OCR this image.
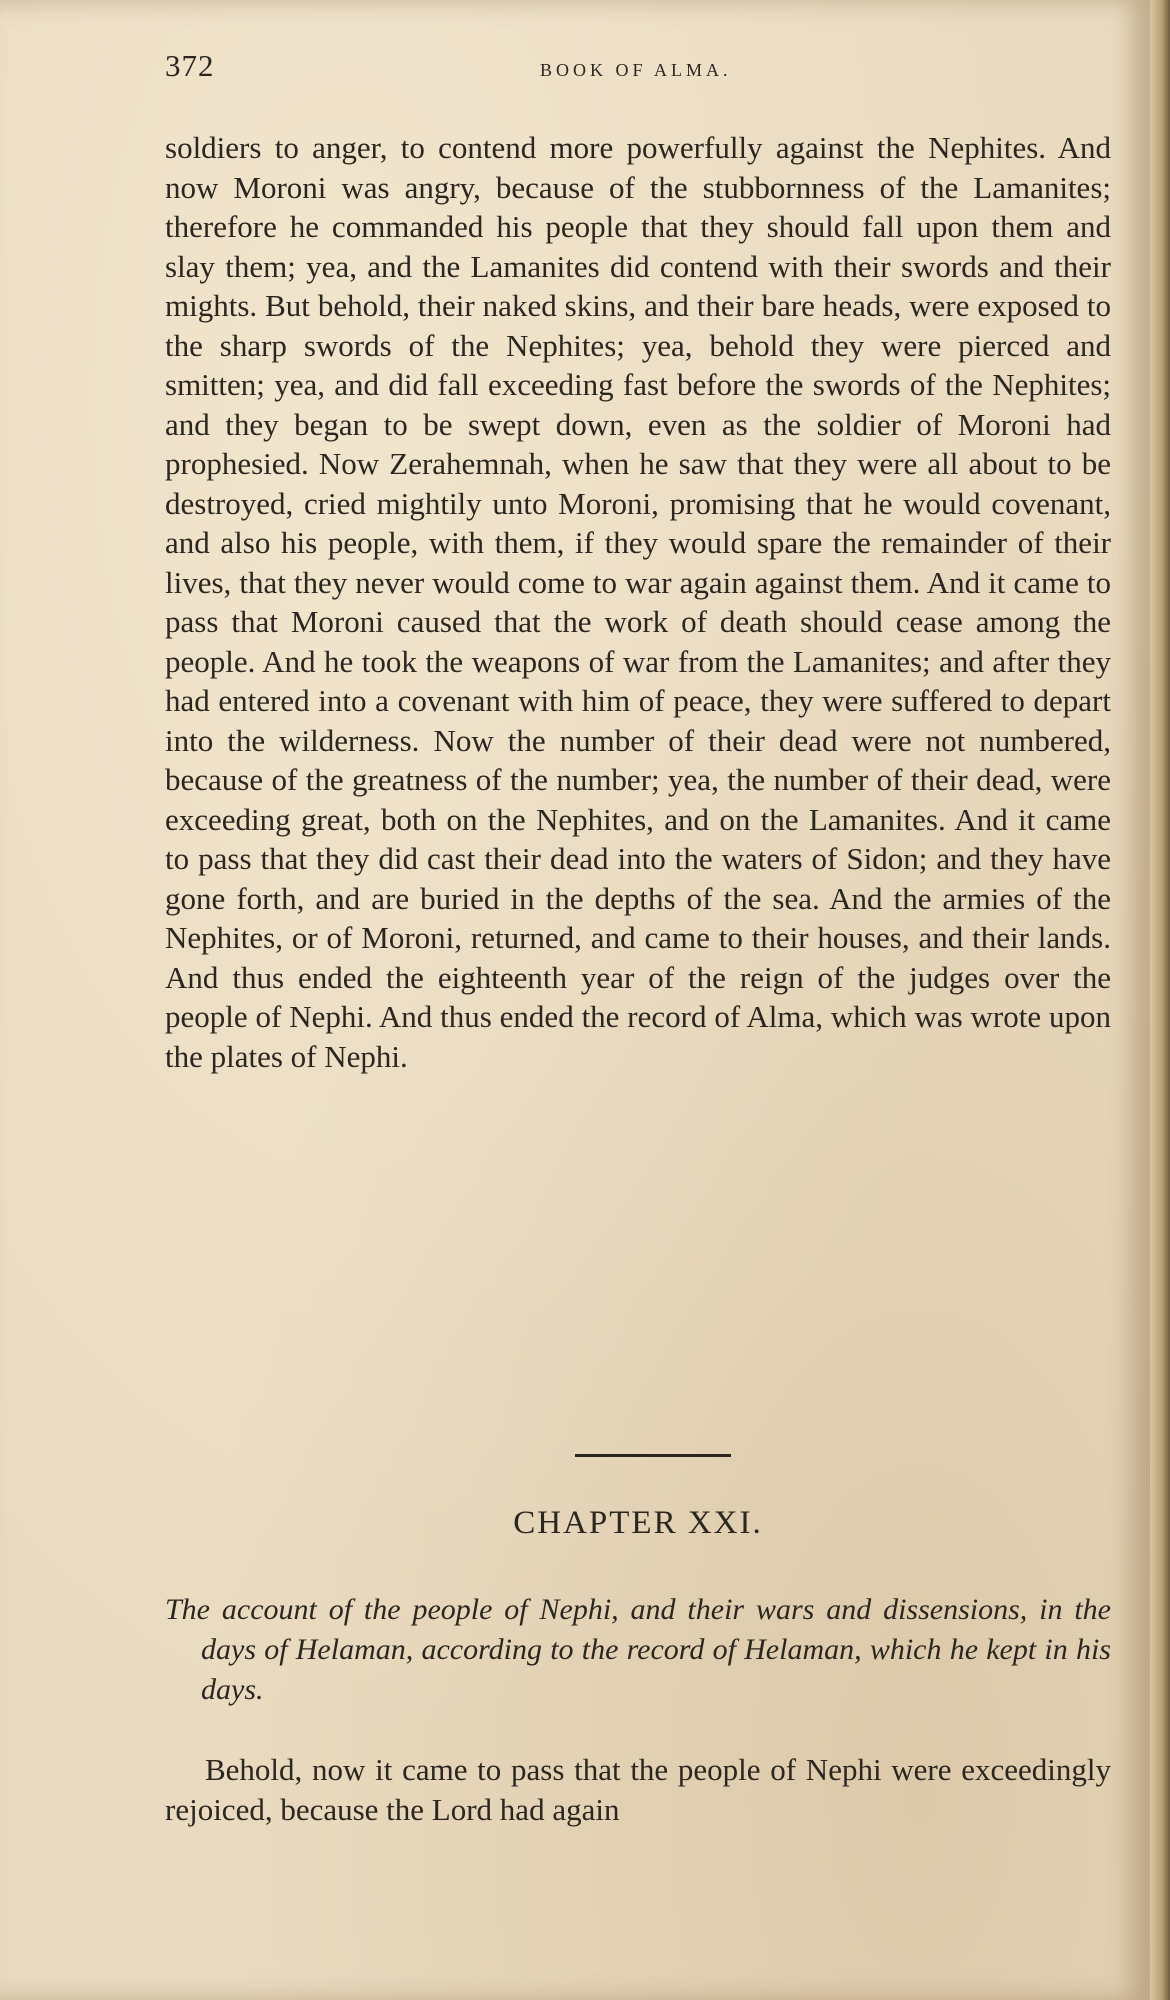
372	BOOK OF ALMA.
soldiers to anger, to contend more powerfully against the Nephites. And now Moroni was angry, because of the stubbornness of the Lamanites; therefore he commanded his people that they should fall upon them and slay them; yea, and the Lamanites did contend with their swords and their mights. But behold, their naked skins, and their bare heads, were exposed to the sharp swords of the Nephites; yea, behold they were pierced and smitten; yea, and did fall exceeding fast before the swords of the Nephites; and they began to be swept down, even as the soldier of Moroni had prophesied. Now Zerahemnah, when he saw that they were all about to be destroyed, cried mightily unto Moroni, promising that he would covenant, and also his people, with them, if they would spare the remainder of their lives, that they never would come to war again against them. And it came to pass that Moroni caused that the work of death should cease among the people. And he took the weapons of war from the Lamanites; and after they had entered into a covenant with him of peace, they were suffered to depart into the wilderness. Now the number of their dead were not numbered, because of the greatness of the number; yea, the number of their dead, were exceeding great, both on the Nephites, and on the Lamanites. And it came to pass that they did cast their dead into the waters of Sidon; and they have gone forth, and are buried in the depths of the sea. And the armies of the Nephites, or of Moroni, returned, and came to their houses, and their lands. And thus ended the eighteenth year of the reign of the judges over the people of Nephi. And thus ended the record of Alma, which was wrote upon the plates of Nephi.
CHAPTER XXI.
The account of the people of Nephi, and their wars and dissensions, in the days of Helaman, according to the record of Helaman, which he kept in his days.
Behold, now it came to pass that the people of Nephi were exceedingly rejoiced, because the Lord had again
